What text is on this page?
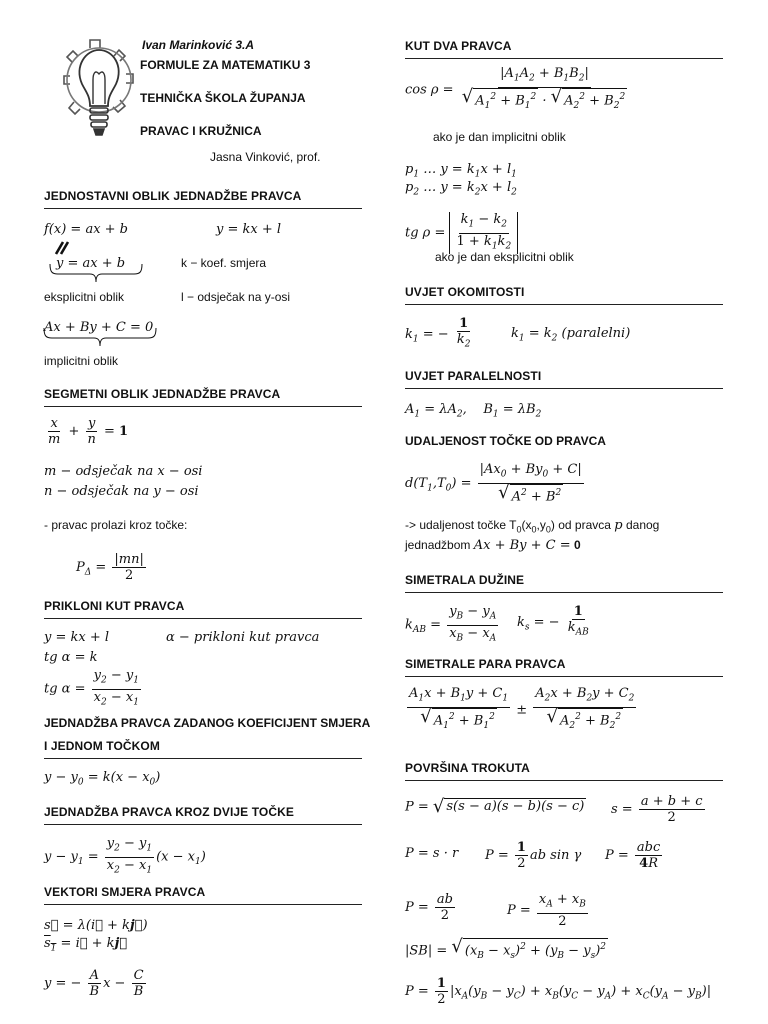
Ivan Marinković 3.A
FORMULE ZA MATEMATIKU 3
TEHNIČKA ŠKOLA ŽUPANJA
PRAVAC I KRUŽNICA
Jasna Vinković, prof.
JEDNOSTAVNI OBLIK JEDNADŽBE PRAVCA
f(x) = ax + b	y = kx + l
y = ax + b	k − koef. smjera
eksplicitni oblik	l − odsječak na y-osi
Ax + By + C = 0
implicitni oblik
SEGMETNI OBLIK JEDNADŽBE PRAVCA
$\frac{x}{m} + \frac{y}{n} = 1$
m − odsječak na x − osi
n − odsječak na y − osi
- pravac prolazi kroz točke:
$P_\Delta = \frac{|mn|}{2}$
PRIKLONI KUT PRAVCA
y = kx + l	α − prikloni kut pravca
tg α = k
tg $\alpha = \frac{y_2 - y_1}{x_2 - x_1}$
JEDNADŽBA PRAVCA ZADANOG KOEFICIJENT SMJERA
I JEDNOM TOČKOM
$y - y_0 = k(x - x_0)$
JEDNADŽBA PRAVCA KROZ DVIJE TOČKE
$y - y_1 = \frac{y_2 - y_1}{x_2 - x_1} (x - x_1)$
VEKTORI SMJERA PRAVCA
s⃗ = λ(i⃗ + kj⃗)
$s_1$ = i⃗ + kj⃗
y = − $\frac{A}{B}$ $x - \frac{C}{B}$
KUT DVA PRAVCA
$\cos \rho = \frac{|A_1A_2 + B_1B_2|}{√ A_1^2 + B_1^2 \cdot √ A_2^2 + B_2^2}$
ako je dan implicitni oblik
$p_1$ … $y = k_1x + l_1$
$p_2$ … $y = k_2x + l_2$
tg $\rho = \frac{k_1 - k_2}{1 + k_1k_2}$
ako je dan eksplicitni oblik
UVJET OKOMITOSTI
$k_1$ = − $\frac{1}{k_2}$	$k_1 = k_2$ (paralelni)
UVJET PARALELNOSTI
$A_1 = \lambda A_2$,    $B_1 = \lambda B_2$
UDALJENOST TOČKE OD PRAVCA
$d(T_1,T_0) = \frac{|Ax_0 + By_0 + C|}{√ A^2 + B^2}$
-> udaljenost točke $T_0(x_0,y_0)$ od pravca p danog
jednadžbom Ax + By + C = 0
SIMETRALA DUŽINE
$k_{AB} = \frac{y_B - y_A}{x_B - x_A} k_s$ = − $\frac{1}{k_{AB}}$
SIMETRALE PARA PRAVCA
$\frac{A_1x + B_1y + C_1}{√ A_1^2 + B_1^2} \pm \frac{A_2x + B_2y + C_2}{√ A_2^2 + B_2^2}$
POVRŠINA TROKUTA
P = √ s(s − a)(s − b)(s − c) $s = \frac{a + b + c}{2}$
P = s · r $P = \frac{1}{2}$ ab sin γ $P = \frac{\text{abc}}{4R}$
$P = \frac{ab}{2}$	$P = \frac{x_A + x_B}{2}$
|SB| = √ $(x_B - x_s)^2 + (y_B - y_s)^2$
$P = \frac{1}{2} |x_A(y_B - y_C) + x_B(y_C - y_A) + x_C(y_A - y_B)|$
